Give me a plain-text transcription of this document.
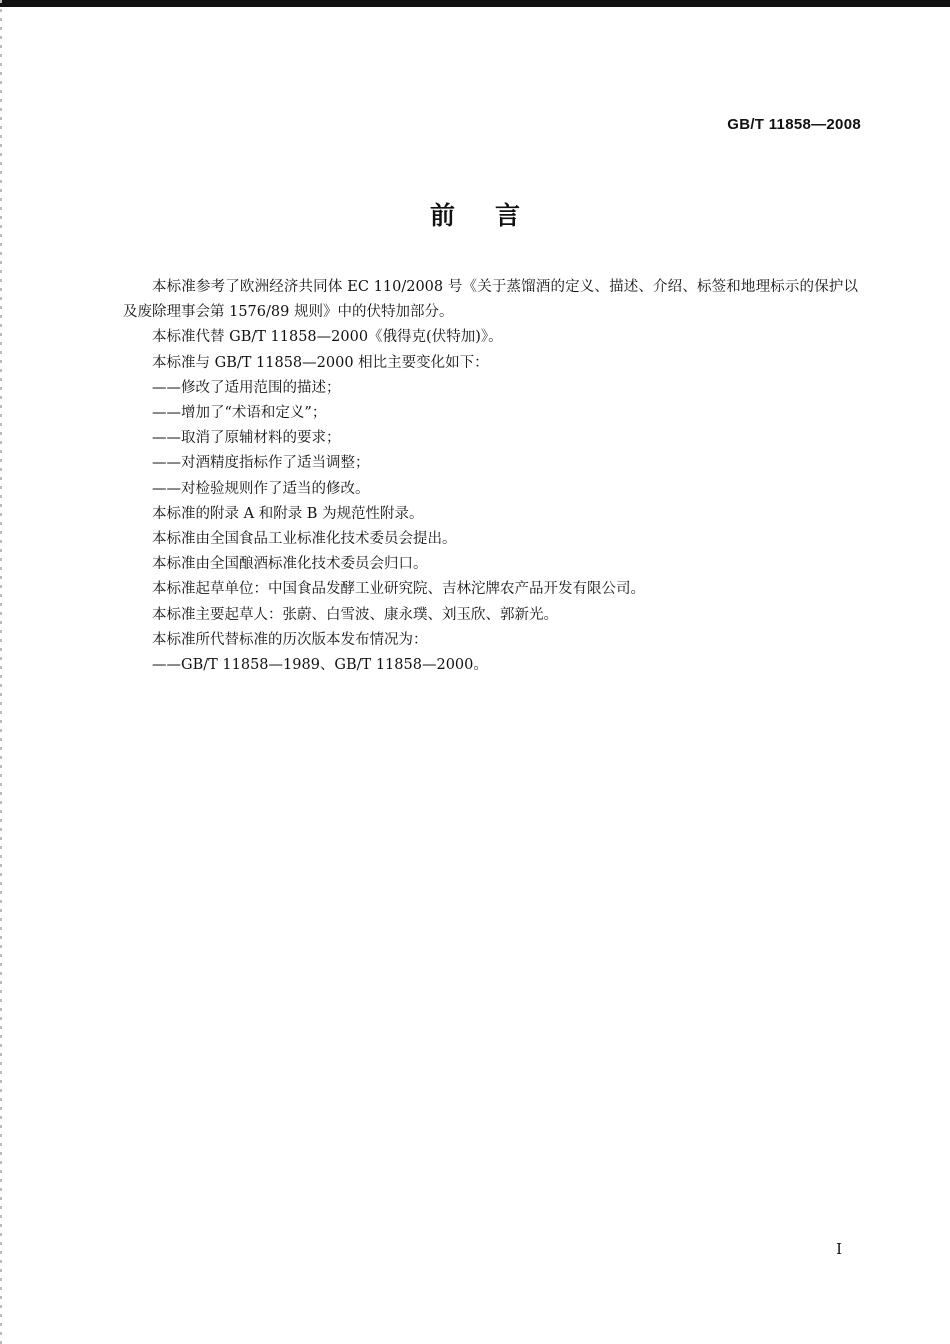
GB/T 11858—2008
前言

本标准参考了欧洲经济共同体 EC 110/2008 号《关于蒸馏酒的定义、描述、介绍、标签和地理标示的保护以及废除理事会第 1576/89 规则》中的伏特加部分。

本标准代替 GB/T 11858—2000《俄得克(伏特加)》。

本标准与 GB/T 11858—2000 相比主要变化如下：

——修改了适用范围的描述；

——增加了“术语和定义”；

——取消了原辅材料的要求；

——对酒精度指标作了适当调整；

——对检验规则作了适当的修改。

本标准的附录 A 和附录 B 为规范性附录。

本标准由全国食品工业标准化技术委员会提出。

本标准由全国酿酒标准化技术委员会归口。

本标准起草单位：中国食品发酵工业研究院、吉林沱牌农产品开发有限公司。

本标准主要起草人：张蔚、白雪波、康永璞、刘玉欣、郭新光。

本标准所代替标准的历次版本发布情况为：

——GB/T 11858—1989、GB/T 11858—2000。

I
